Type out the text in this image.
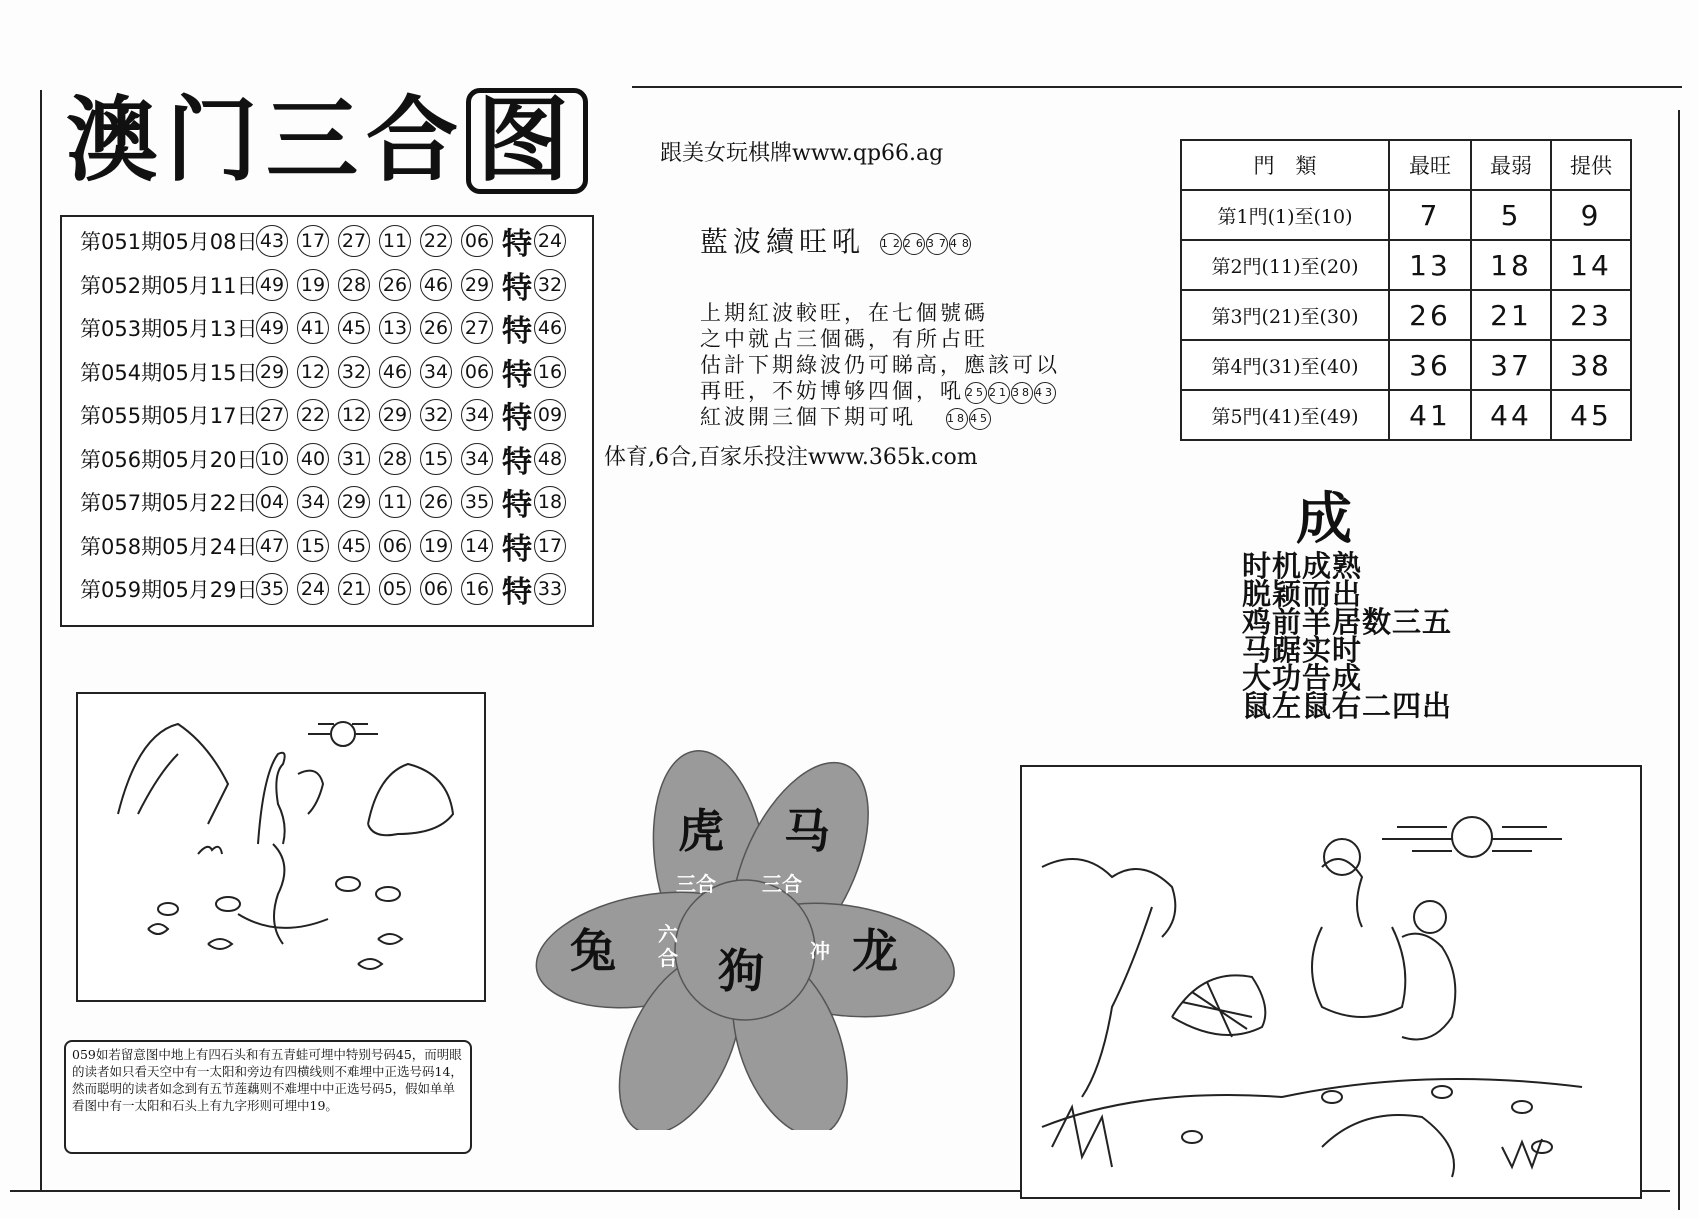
澳门三合 图	跟美女玩棋牌www.qp66.ag
第051期05月08日 43 17 27 11 22 06 特 24
第052期05月11日 49 19 28 26 46 29 特 32
第053期05月13日 49 41 45 13 26 27 特 46
第054期05月15日 29 12 32 46 34 06 特 16
第055期05月17日 27 22 12 29 32 34 特 09
第056期05月20日 10 40 31 28 15 34 特 48
第057期05月22日 04 34 29 11 26 35 特 18
第058期05月24日 47 15 45 06 19 14 特 17
第059期05月29日 35 24 21 05 06 16 特 33
藍波續旺吼 12263748
上期紅波較旺，在七個號碼
之中就占三個碼，有所占旺
估計下期綠波仍可睇高，應該可以
再旺，不妨博够四個，吼 25 21 38 43
紅波開三個下期可吼	18 45
体育,6合,百家乐投注www.365k.com
門　類	最旺	最弱	提供
第1門(1)至(10)	7	5	9
第2門(11)至(20)	13	18	14
第3門(21)至(30)	26	21	23
第4門(31)至(40)	36	37	38
第5門(41)至(49)	41	44	45
成
时机成熟
脱颖而出
鸡前羊居数三五
马踞实时
大功告成
鼠左鼠右二四出
059如若留意图中地上有四石头和有五青蛙可埋中特别号码45，而明眼的读者如只看天空中有一太阳和旁边有四横线则不难埋中正选号码14，然而聪明的读者如念到有五节莲藕则不难埋中中正选号码5，假如单单看图中有一太阳和石头上有九字形则可埋中19。
虎 马
兔 狗 龙
三合 三合
六合	冲
